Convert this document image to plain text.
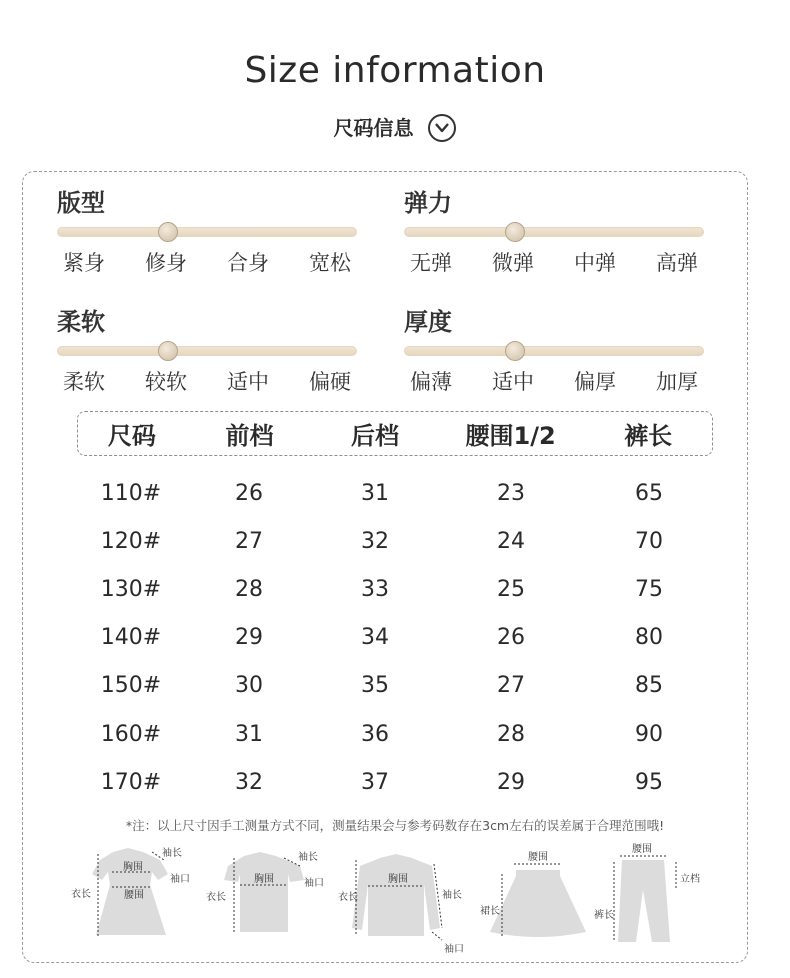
Size information
尺码信息
版型
紧身 修身 合身 宽松
弹力
无弹 微弹 中弹 高弹
柔软
柔软 较软 适中 偏硬
厚度
偏薄 适中 偏厚 加厚
尺码	前档	后档	腰围1/2	裤长
110#	26	31	23	65
120#	27	32	24	70
130#	28	33	25	75
140#	29	34	26	80
150#	30	35	27	85
160#	31	36	28	90
170#	32	37	29	95
*注：以上尺寸因手工测量方式不同，测量结果会与参考码数存在3cm左右的误差属于合理范围哦!
胸围
袖长
袖口
衣长	腰围
胸围
袖长
袖口
衣长
胸围
袖长
衣长
袖口
腰围
裙长
腰围
立档
裤长
